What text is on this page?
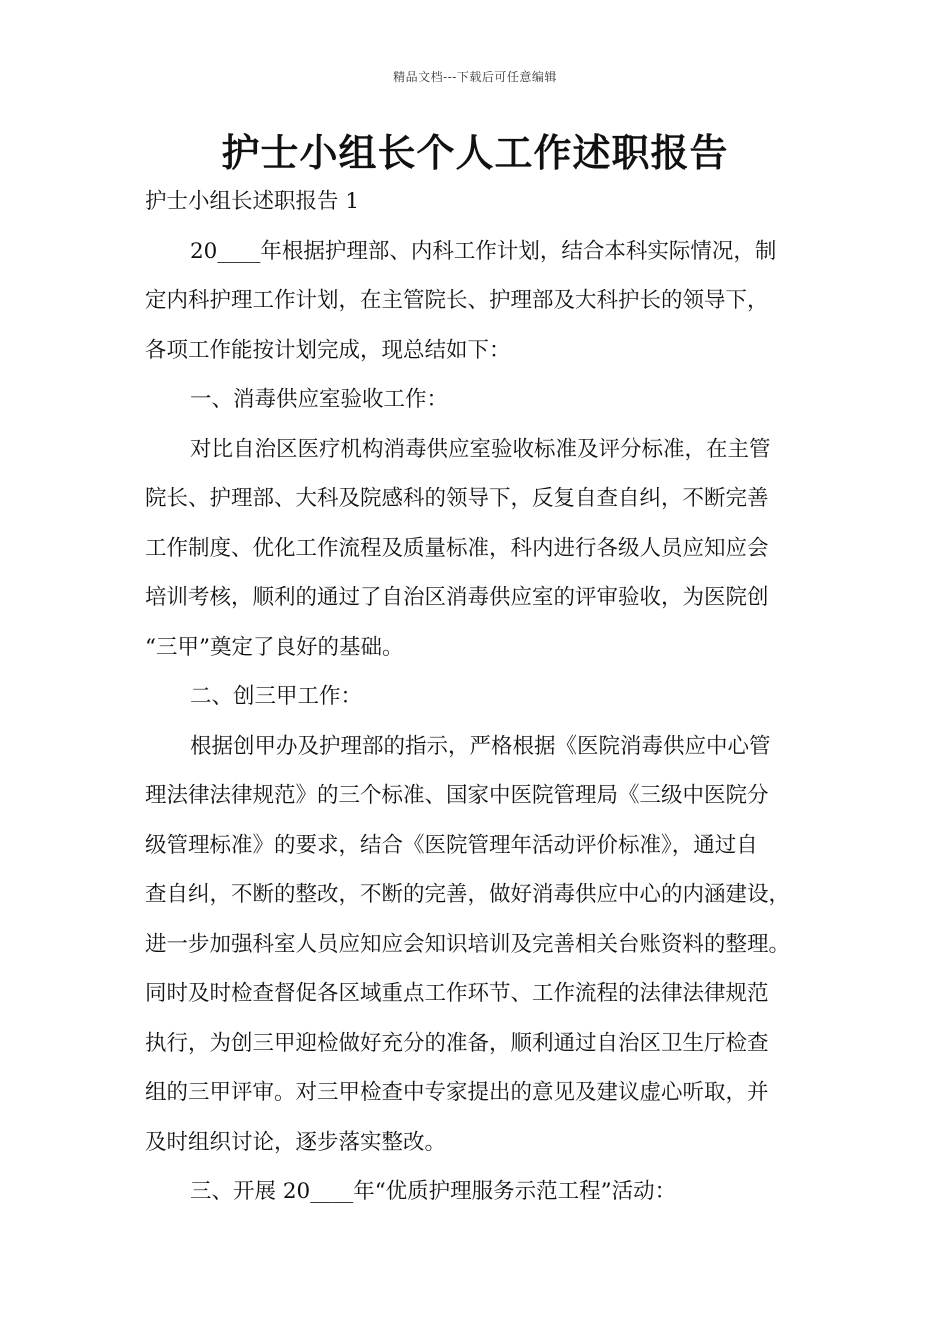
精品文档---下载后可任意编辑
护士小组长个人工作述职报告
护士小组长述职报告 1
20____年根据护理部、内科工作计划，结合本科实际情况，制
定内科护理工作计划，在主管院长、护理部及大科护长的领导下，
各项工作能按计划完成，现总结如下：
一、消毒供应室验收工作：
对比自治区医疗机构消毒供应室验收标准及评分标准，在主管
院长、护理部、大科及院感科的领导下，反复自查自纠，不断完善
工作制度、优化工作流程及质量标准，科内进行各级人员应知应会
培训考核，顺利的通过了自治区消毒供应室的评审验收，为医院创
“三甲”奠定了良好的基础。
二、创三甲工作：
根据创甲办及护理部的指示，严格根据《医院消毒供应中心管
理法律法律规范》的三个标准、国家中医院管理局《三级中医院分
级管理标准》的要求，结合《医院管理年活动评价标准》，通过自
查自纠，不断的整改，不断的完善，做好消毒供应中心的内涵建设，
进一步加强科室人员应知应会知识培训及完善相关台账资料的整理。
同时及时检查督促各区域重点工作环节、工作流程的法律法律规范
执行，为创三甲迎检做好充分的准备，顺利通过自治区卫生厅检查
组的三甲评审。对三甲检查中专家提出的意见及建议虚心听取，并
及时组织讨论，逐步落实整改。
三、开展 20____年“优质护理服务示范工程”活动：
